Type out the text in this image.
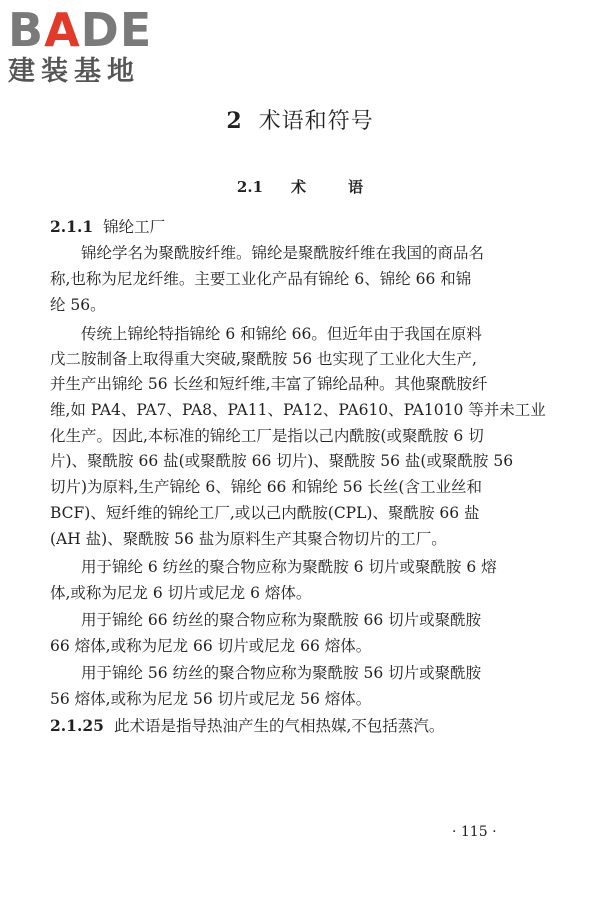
BADE
建装基地
2 术语和符号
2.1 术	语
2.1.1 锦纶工厂
锦纶学名为聚酰胺纤维。锦纶是聚酰胺纤维在我国的商品名
称,也称为尼龙纤维。主要工业化产品有锦纶 6、锦纶 66 和锦
纶 56。
传统上锦纶特指锦纶 6 和锦纶 66。但近年由于我国在原料
戊二胺制备上取得重大突破,聚酰胺 56 也实现了工业化大生产,
并生产出锦纶 56 长丝和短纤维,丰富了锦纶品种。其他聚酰胺纤
维,如 PA4、PA7、PA8、PA11、PA12、PA610、PA1010 等并未工业
化生产。因此,本标准的锦纶工厂是指以己内酰胺(或聚酰胺 6 切
片)、聚酰胺 66 盐(或聚酰胺 66 切片)、聚酰胺 56 盐(或聚酰胺 56
切片)为原料,生产锦纶 6、锦纶 66 和锦纶 56 长丝(含工业丝和
BCF)、短纤维的锦纶工厂,或以己内酰胺(CPL)、聚酰胺 66 盐
(AH 盐)、聚酰胺 56 盐为原料生产其聚合物切片的工厂。
用于锦纶 6 纺丝的聚合物应称为聚酰胺 6 切片或聚酰胺 6 熔
体,或称为尼龙 6 切片或尼龙 6 熔体。
用于锦纶 66 纺丝的聚合物应称为聚酰胺 66 切片或聚酰胺
66 熔体,或称为尼龙 66 切片或尼龙 66 熔体。
用于锦纶 56 纺丝的聚合物应称为聚酰胺 56 切片或聚酰胺
56 熔体,或称为尼龙 56 切片或尼龙 56 熔体。
2.1.25 此术语是指导热油产生的气相热媒,不包括蒸汽。
· 115 ·
